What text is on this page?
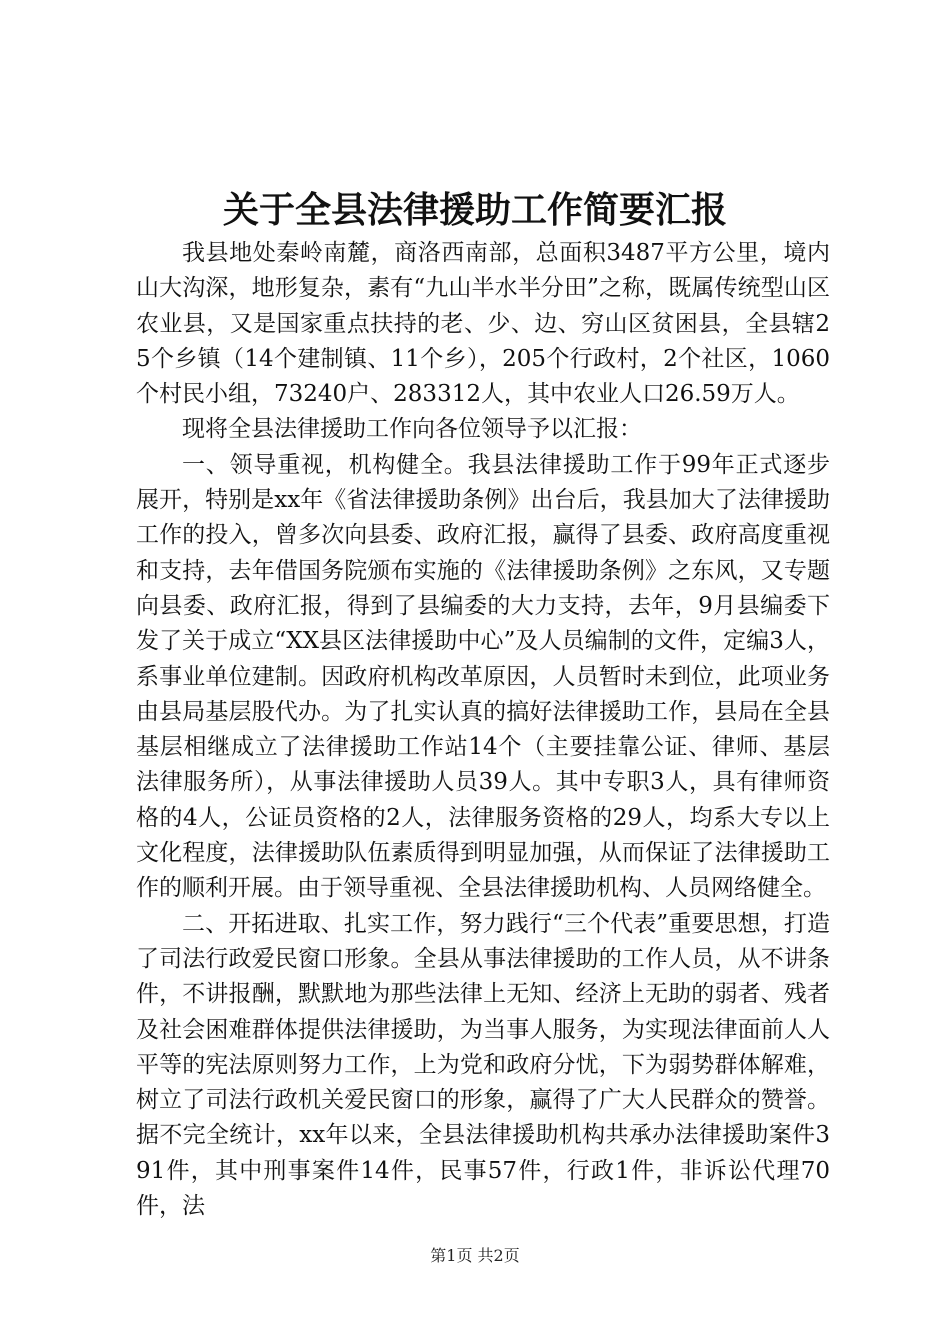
关于全县法律援助工作简要汇报

我县地处秦岭南麓，商洛西南部，总面积3487平方公里，境内山大沟深，地形复杂，素有“九山半水半分田”之称，既属传统型山区农业县，又是国家重点扶持的老、少、边、穷山区贫困县，全县辖25个乡镇（14个建制镇、11个乡），205个行政村，2个社区，1060个村民小组，73240户、283312人，其中农业人口26.59万人。

现将全县法律援助工作向各位领导予以汇报：

一、领导重视，机构健全。我县法律援助工作于99年正式逐步展开，特别是xx年《省法律援助条例》出台后，我县加大了法律援助工作的投入，曾多次向县委、政府汇报，赢得了县委、政府高度重视和支持，去年借国务院颁布实施的《法律援助条例》之东风，又专题向县委、政府汇报，得到了县编委的大力支持，去年，9月县编委下发了关于成立“XX县区法律援助中心”及人员编制的文件，定编3人，系事业单位建制。因政府机构改革原因，人员暂时未到位，此项业务由县局基层股代办。为了扎实认真的搞好法律援助工作，县局在全县基层相继成立了法律援助工作站14个（主要挂靠公证、律师、基层法律服务所），从事法律援助人员39人。其中专职3人，具有律师资格的4人，公证员资格的2人，法律服务资格的29人，均系大专以上文化程度，法律援助队伍素质得到明显加强，从而保证了法律援助工作的顺利开展。由于领导重视、全县法律援助机构、人员网络健全。

二、开拓进取、扎实工作，努力践行“三个代表”重要思想，打造了司法行政爱民窗口形象。全县从事法律援助的工作人员，从不讲条件，不讲报酬，默默地为那些法律上无知、经济上无助的弱者、残者及社会困难群体提供法律援助，为当事人服务，为实现法律面前人人平等的宪法原则努力工作，上为党和政府分忧，下为弱势群体解难，树立了司法行政机关爱民窗口的形象，赢得了广大人民群众的赞誉。据不完全统计，xx年以来，全县法律援助机构共承办法律援助案件391件，其中刑事案件14件，民事57件，行政1件，非诉讼代理70件，法

第1页 共2页
